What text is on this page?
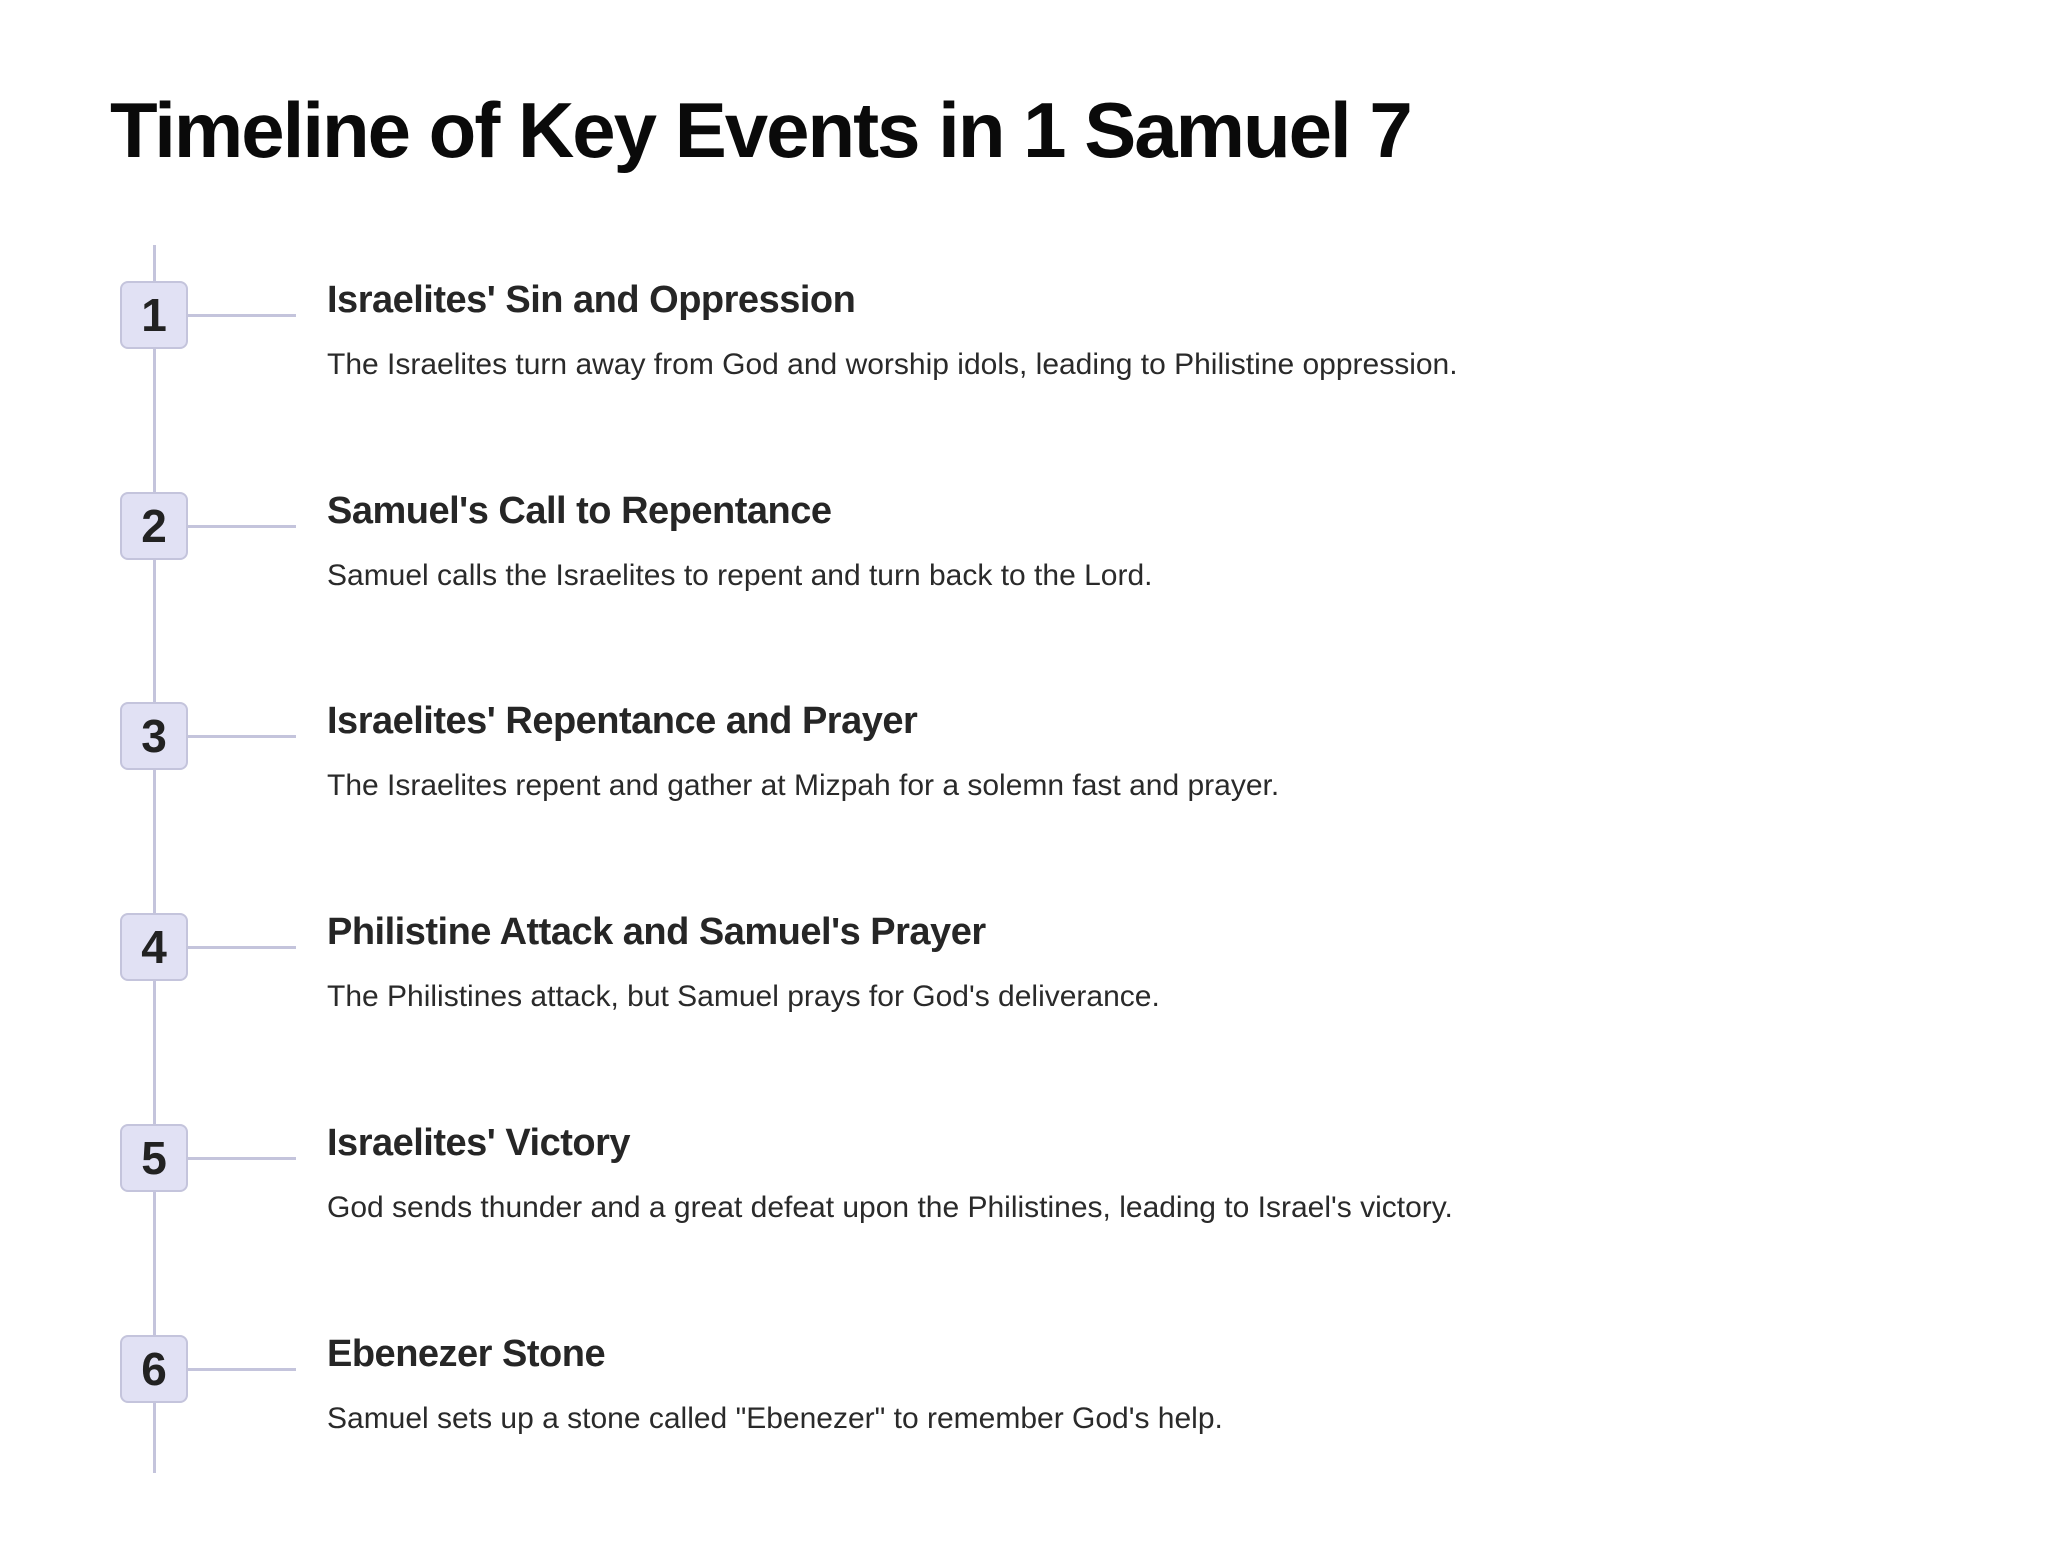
Timeline of Key Events in 1 Samuel 7
1	Israelites' Sin and Oppression

The Israelites turn away from God and worship idols, leading to Philistine oppression.

2	Samuel's Call to Repentance

Samuel calls the Israelites to repent and turn back to the Lord.

3	Israelites' Repentance and Prayer

The Israelites repent and gather at Mizpah for a solemn fast and prayer.

4	Philistine Attack and Samuel's Prayer

The Philistines attack, but Samuel prays for God's deliverance.

5	Israelites' Victory

God sends thunder and a great defeat upon the Philistines, leading to Israel's victory.

6	Ebenezer Stone

Samuel sets up a stone called "Ebenezer" to remember God's help.
